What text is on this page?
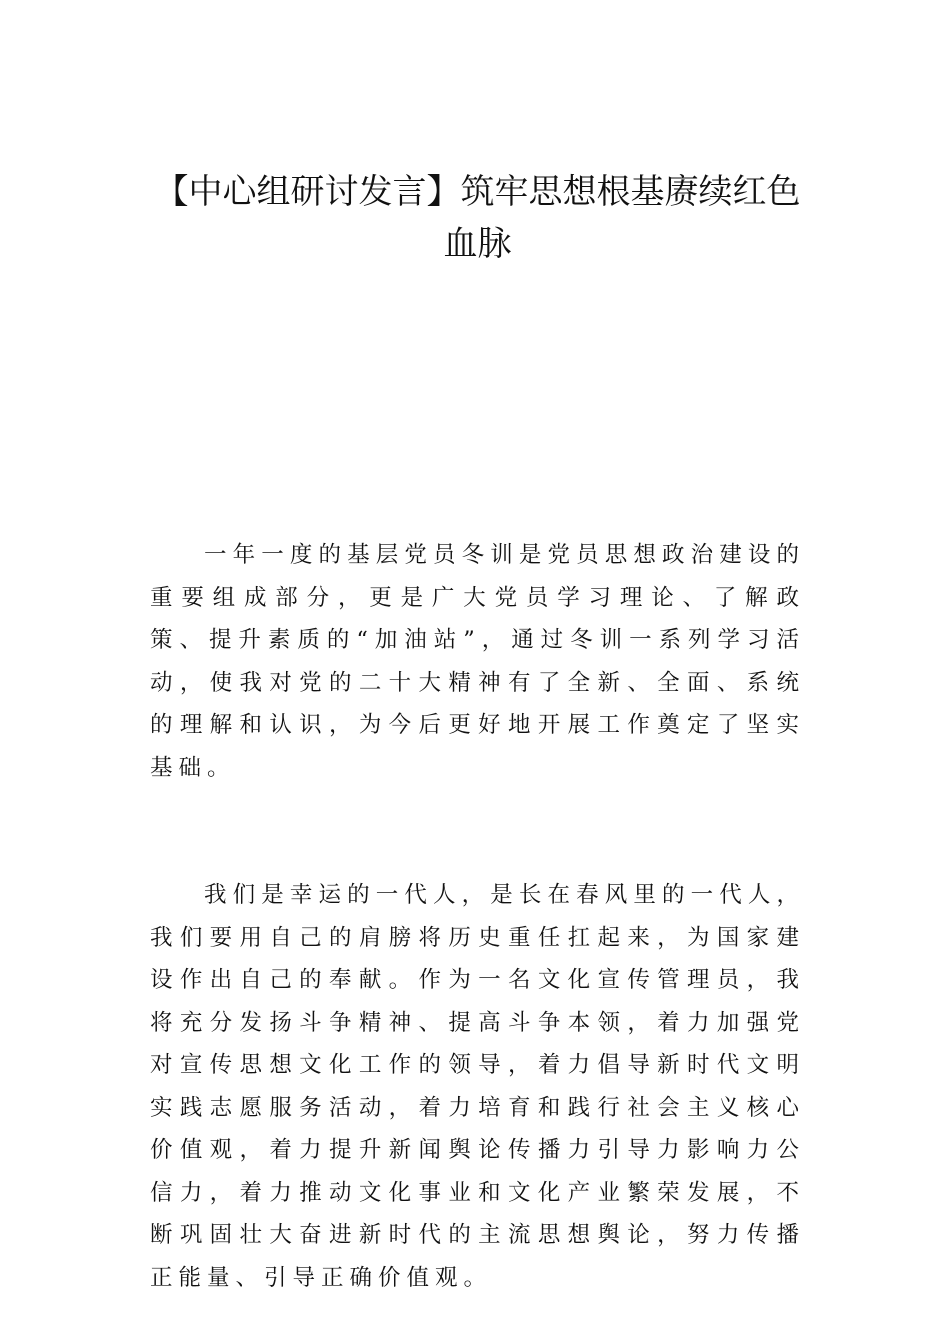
【中心组研讨发言】筑牢思想根基赓续红色血脉

一年一度的基层党员冬训是党员思想政治建设的重要组成部分，更是广大党员学习理论、了解政策、提升素质的“加油站”，通过冬训一系列学习活动，使我对党的二十大精神有了全新、全面、系统的理解和认识，为今后更好地开展工作奠定了坚实基础。

我们是幸运的一代人，是长在春风里的一代人，我们要用自己的肩膀将历史重任扛起来，为国家建设作出自己的奉献。作为一名文化宣传管理员，我将充分发扬斗争精神、提高斗争本领，着力加强党对宣传思想文化工作的领导，着力倡导新时代文明实践志愿服务活动，着力培育和践行社会主义核心价值观，着力提升新闻舆论传播力引导力影响力公信力，着力推动文化事业和文化产业繁荣发展，不断巩固壮大奋进新时代的主流思想舆论，努力传播正能量、引导正确价值观。
